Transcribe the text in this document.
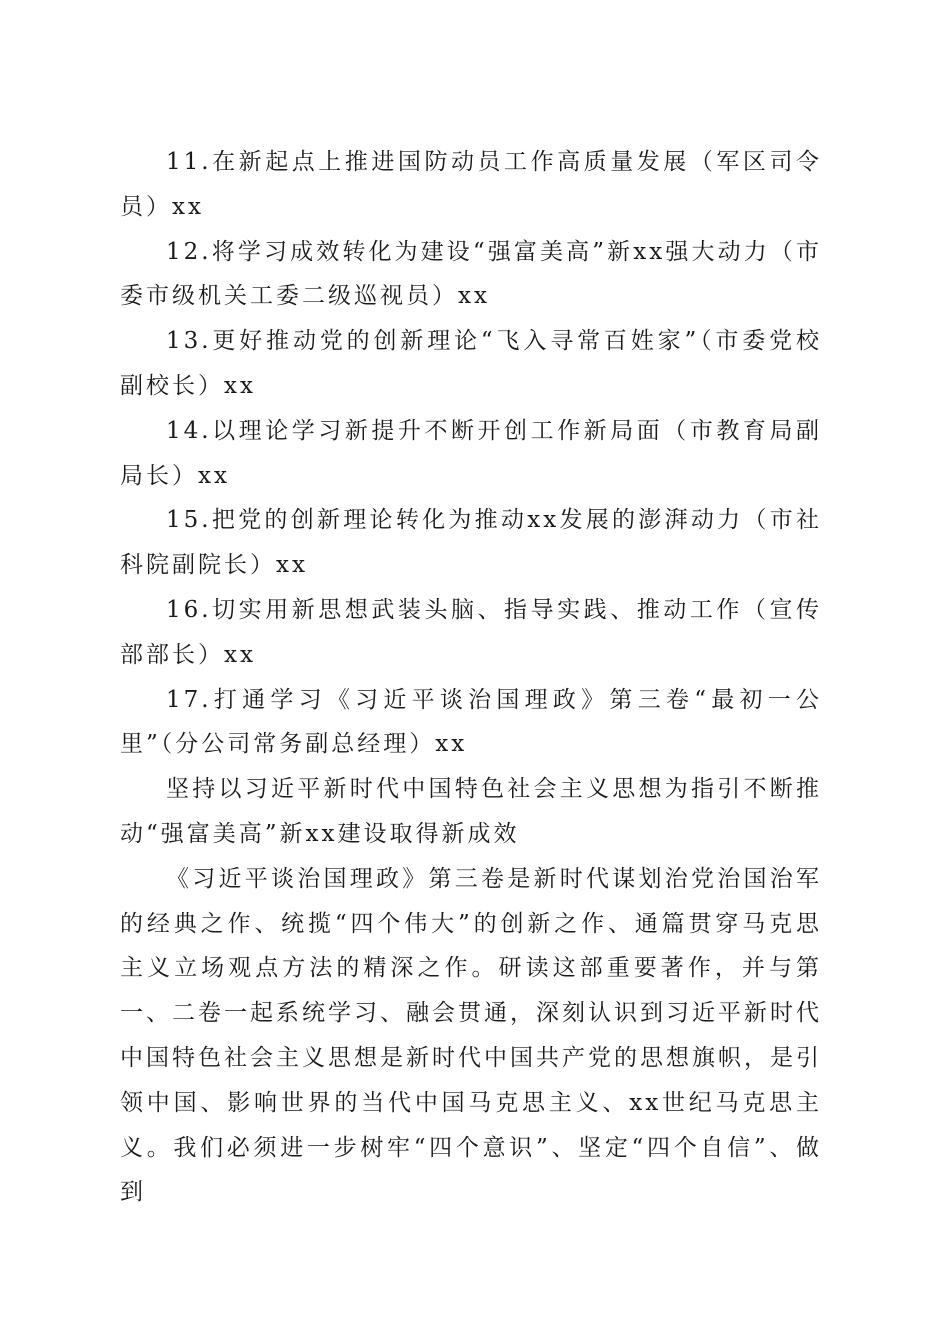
11.在新起点上推进国防动员工作高质量发展（军区司令员）xx

12.将学习成效转化为建设“强富美高”新xx强大动力（市委市级机关工委二级巡视员）xx

13.更好推动党的创新理论“飞入寻常百姓家”（市委党校副校长）xx

14.以理论学习新提升不断开创工作新局面（市教育局副局长）xx

15.把党的创新理论转化为推动xx发展的澎湃动力（市社科院副院长）xx

16.切实用新思想武装头脑、指导实践、推动工作（宣传部部长）xx

17.打通学习《习近平谈治国理政》第三卷“最初一公里”（分公司常务副总经理）xx

坚持以习近平新时代中国特色社会主义思想为指引不断推动“强富美高”新xx建设取得新成效

《习近平谈治国理政》第三卷是新时代谋划治党治国治军的经典之作、统揽“四个伟大”的创新之作、通篇贯穿马克思主义立场观点方法的精深之作。研读这部重要著作，并与第一、二卷一起系统学习、融会贯通，深刻认识到习近平新时代中国特色社会主义思想是新时代中国共产党的思想旗帜，是引领中国、影响世界的当代中国马克思主义、xx世纪马克思主义。我们必须进一步树牢“四个意识”、坚定“四个自信”、做到
